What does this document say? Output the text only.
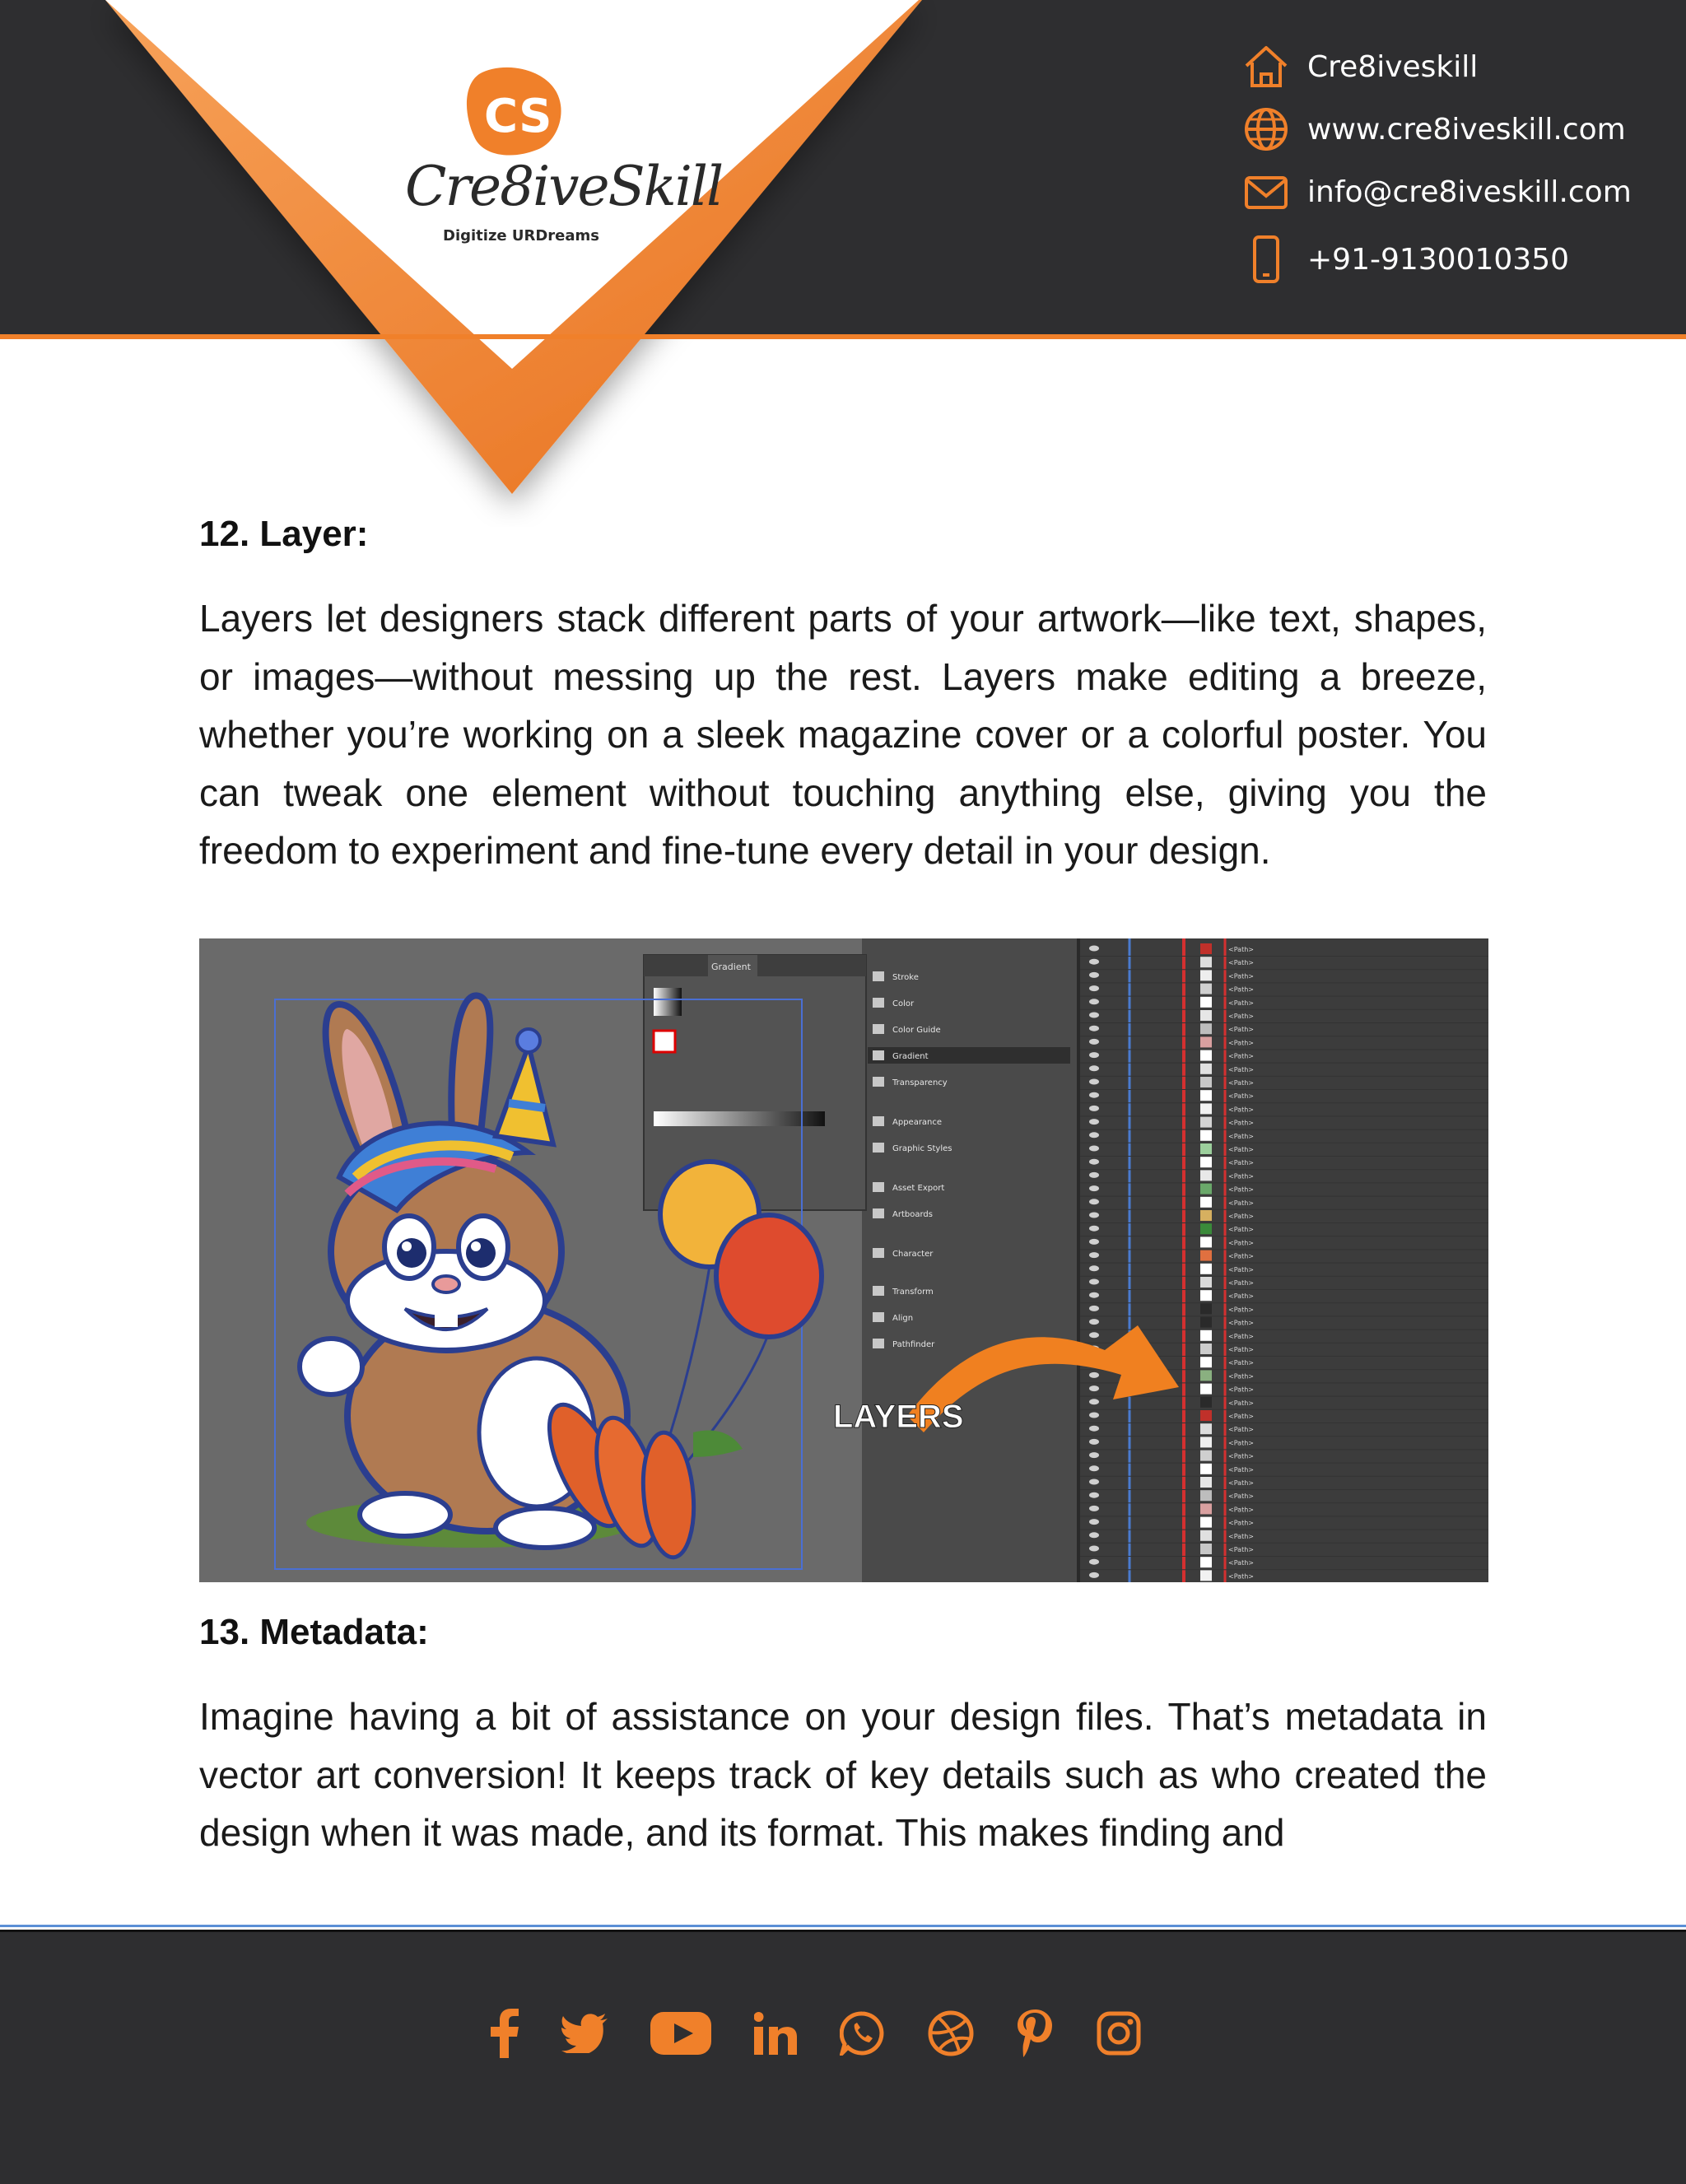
CS
Cre8iveSkill
Digitize URDreams
Cre8iveskill
www.cre8iveskill.com
info@cre8iveskill.com
+91-9130010350
12. Layer:

Layers let designers stack different parts of your artwork—like text, shapes, or images—without messing up the rest. Layers make editing a breeze, whether you’re working on a sleek magazine cover or a colorful poster. You can tweak one element without touching anything else, giving you the freedom to experiment and fine-tune every detail in your design.

<Path>
<Path>
<Path>
<Path>
<Path>
<Path>
<Path>
<Path>
<Path>
<Path>
<Path>
<Path>
<Path>
<Path>
<Path>
<Path>
<Path>
<Path>
<Path>
<Path>
<Path>
<Path>
<Path>
<Path>
<Path>
<Path>
<Path>
<Path>
<Path>
<Path>
<Path>
<Path>
<Path>
<Path>
<Path>
<Path>
<Path>
<Path>
<Path>
<Path>
<Path>
<Path>
<Path>
<Path>
<Path>
<Path>
<Path>
<Path>
Stroke
Color
Color Guide
Gradient
Transparency
Appearance
Graphic Styles
Asset Export
Artboards
Character
Transform
Align
Pathfinder
Gradient
LAYERS
13. Metadata:

Imagine having a bit of assistance on your design files. That’s metadata in vector art conversion! It keeps track of key details such as who created the design when it was made, and its format. This makes finding and
